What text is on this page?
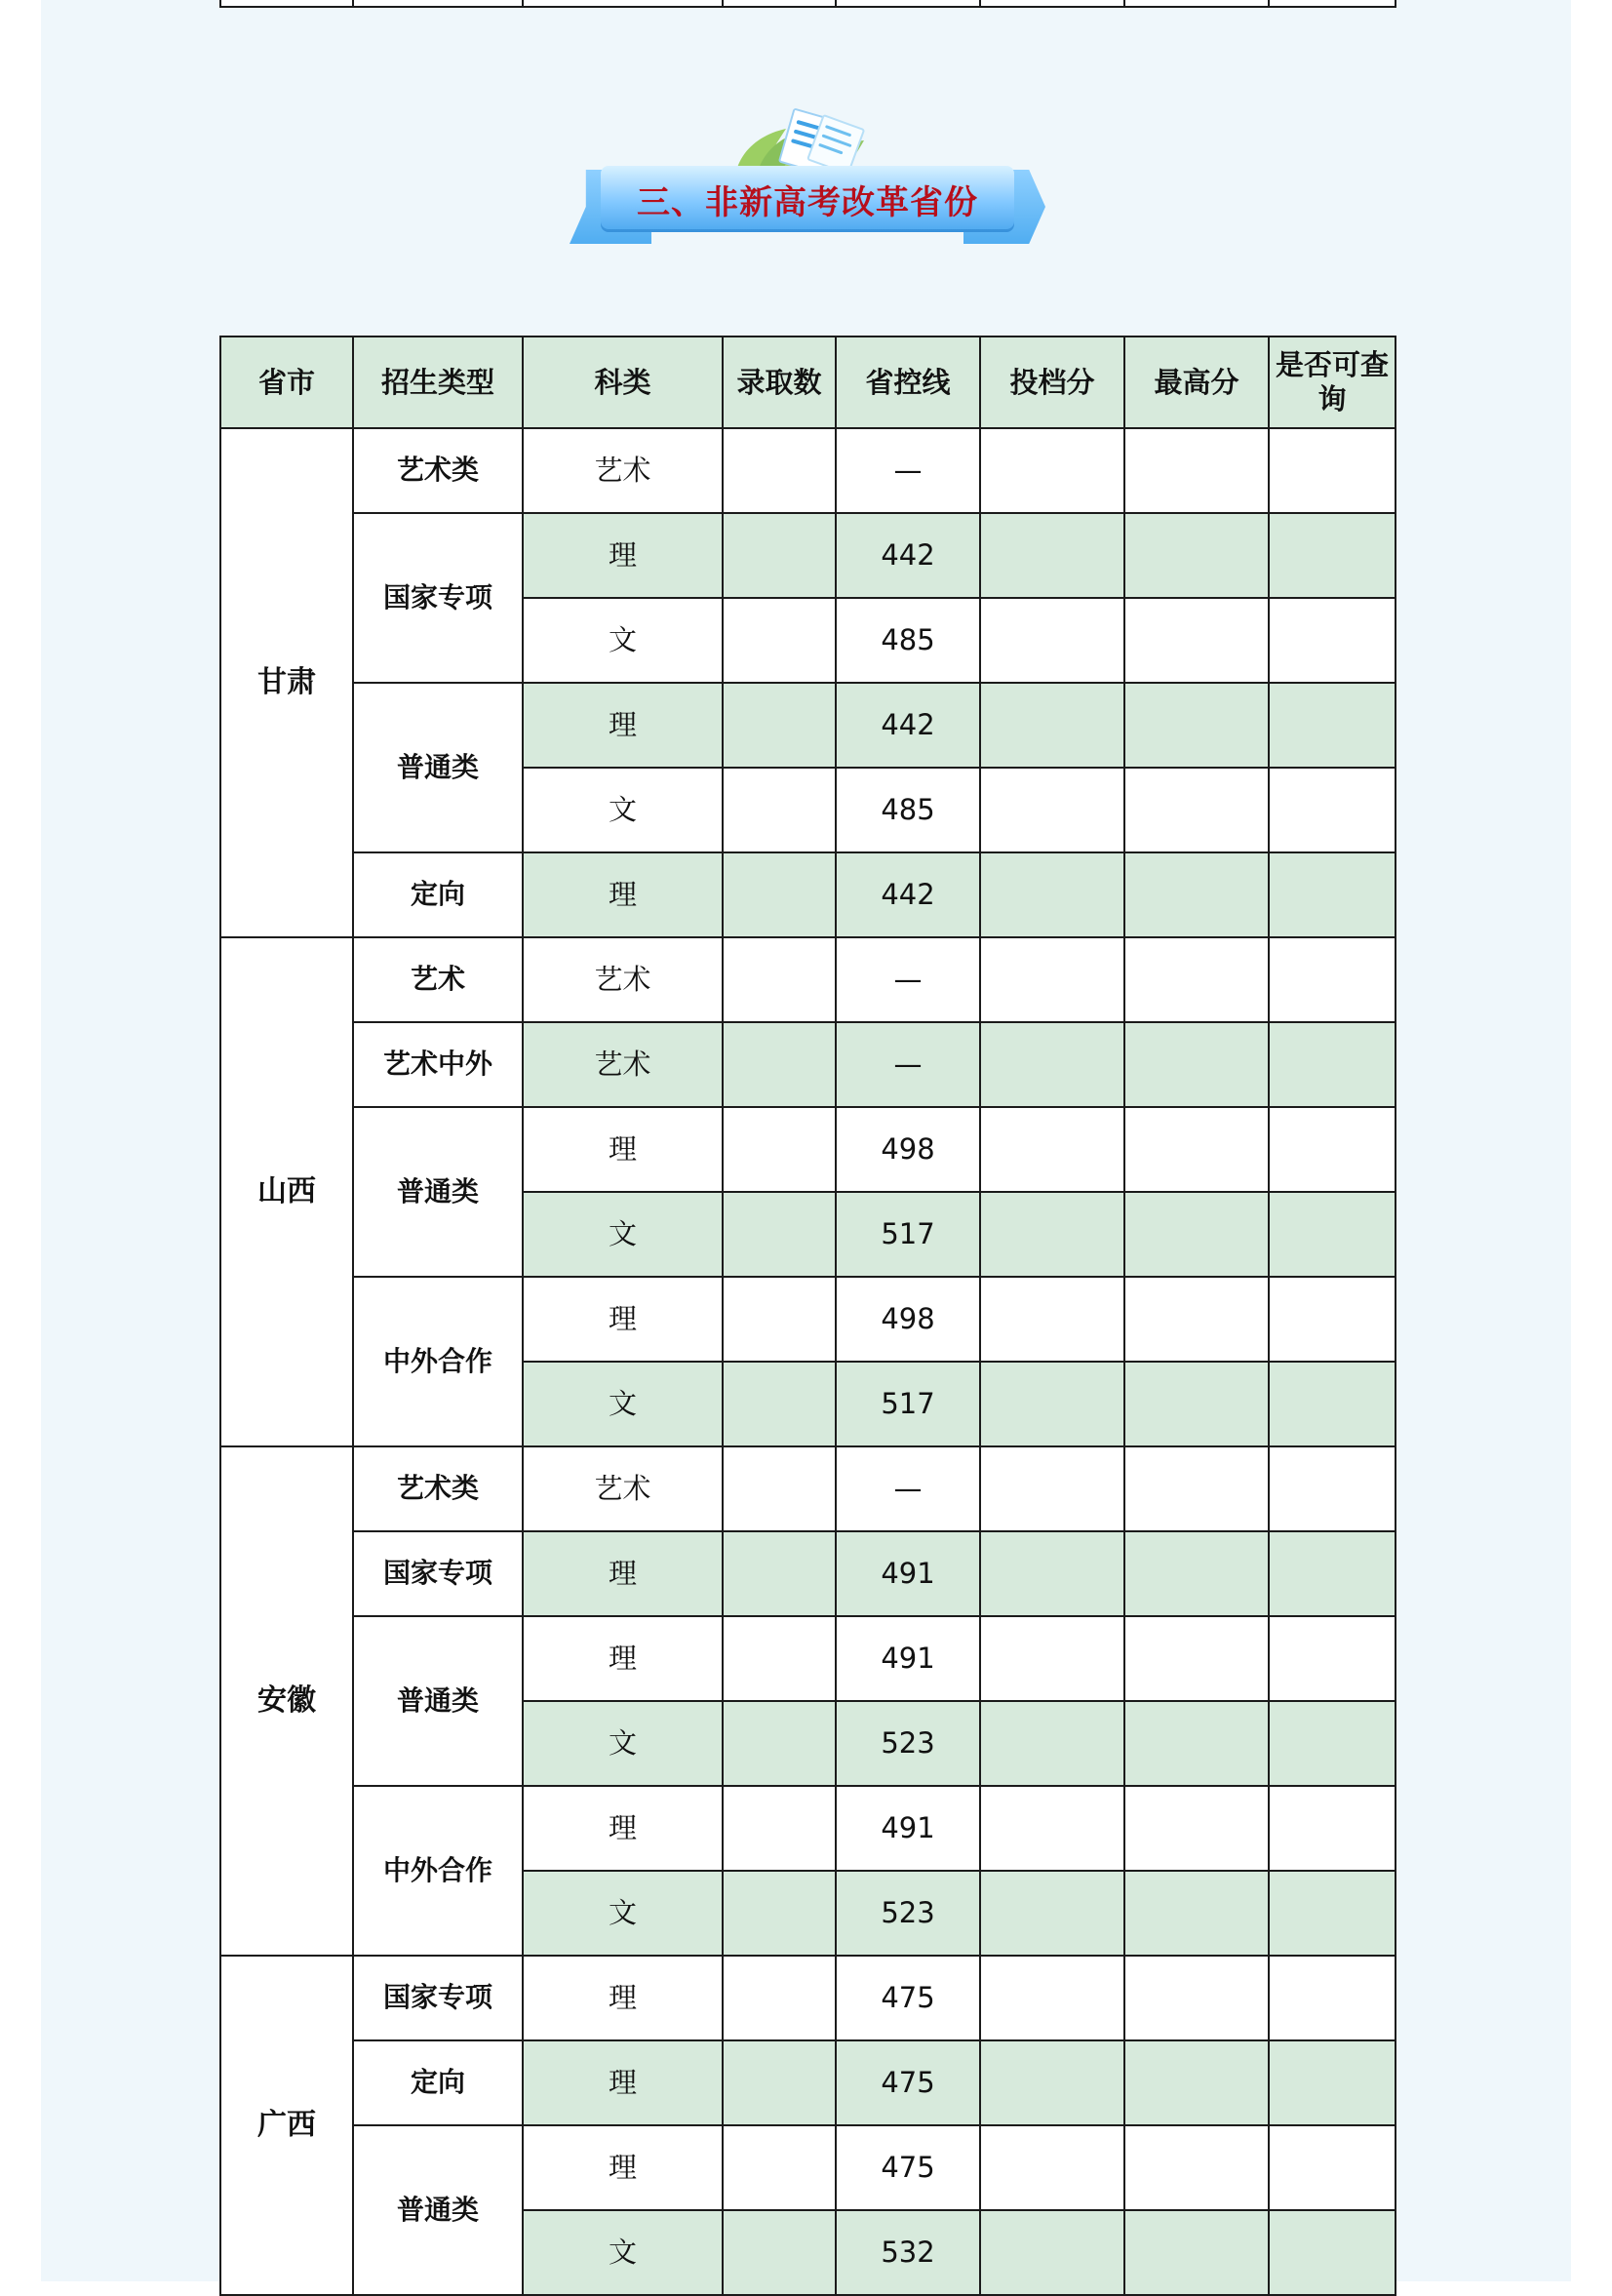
三、非新高考改革省份
省市	招生类型	科类	录取数	省控线	投档分	最高分	是否可查询
甘肃	艺术类	艺术		—			
	国家专项	理		442			
		文		485			
	普通类	理		442			
		文		485			
	定向	理		442			
山西	艺术	艺术		—			
	艺术中外	艺术		—			
	普通类	理		498			
		文		517			
	中外合作	理		498			
		文		517			
安徽	艺术类	艺术		—			
	国家专项	理		491			
	普通类	理		491			
		文		523			
	中外合作	理		491			
		文		523			
广西	国家专项	理		475			
	定向	理		475			
	普通类	理		475			
		文		532			
